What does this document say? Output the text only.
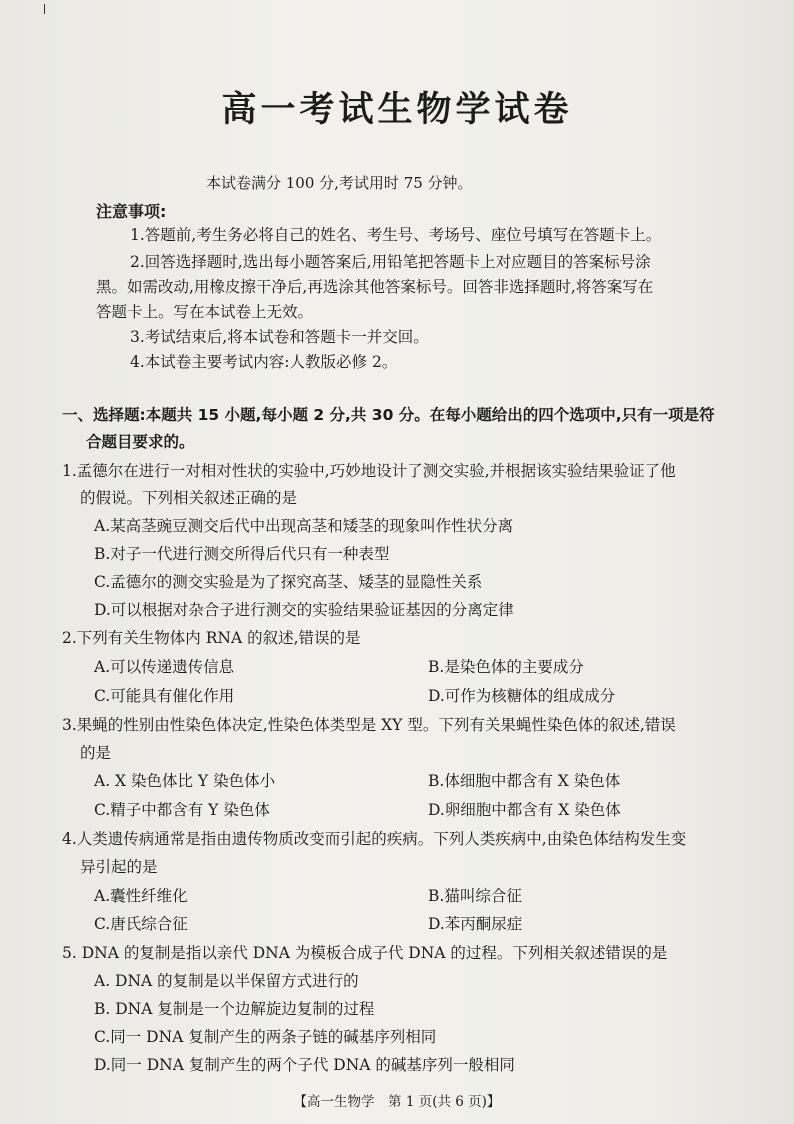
高一考试生物学试卷
本试卷满分 100 分,考试用时 75 分钟。
注意事项:
1.答题前,考生务必将自己的姓名、考生号、考场号、座位号填写在答题卡上。
2.回答选择题时,选出每小题答案后,用铅笔把答题卡上对应题目的答案标号涂
黑。如需改动,用橡皮擦干净后,再选涂其他答案标号。回答非选择题时,将答案写在
答题卡上。写在本试卷上无效。
3.考试结束后,将本试卷和答题卡一并交回。
4.本试卷主要考试内容:人教版必修 2。
一、选择题:本题共 15 小题,每小题 2 分,共 30 分。在每小题给出的四个选项中,只有一项是符
合题目要求的。
1.孟德尔在进行一对相对性状的实验中,巧妙地设计了测交实验,并根据该实验结果验证了他
的假说。下列相关叙述正确的是
A.某高茎豌豆测交后代中出现高茎和矮茎的现象叫作性状分离
B.对子一代进行测交所得后代只有一种表型
C.孟德尔的测交实验是为了探究高茎、矮茎的显隐性关系
D.可以根据对杂合子进行测交的实验结果验证基因的分离定律
2.下列有关生物体内 RNA 的叙述,错误的是
A.可以传递遗传信息	B.是染色体的主要成分
C.可能具有催化作用	D.可作为核糖体的组成成分
3.果蝇的性别由性染色体决定,性染色体类型是 XY 型。下列有关果蝇性染色体的叙述,错误
的是
A. X 染色体比 Y 染色体小	B.体细胞中都含有 X 染色体
C.精子中都含有 Y 染色体	D.卵细胞中都含有 X 染色体
4.人类遗传病通常是指由遗传物质改变而引起的疾病。下列人类疾病中,由染色体结构发生变
异引起的是
A.囊性纤维化	B.猫叫综合征
C.唐氏综合征	D.苯丙酮尿症
5. DNA 的复制是指以亲代 DNA 为模板合成子代 DNA 的过程。下列相关叙述错误的是
A. DNA 的复制是以半保留方式进行的
B. DNA 复制是一个边解旋边复制的过程
C.同一 DNA 复制产生的两条子链的碱基序列相同
D.同一 DNA 复制产生的两个子代 DNA 的碱基序列一般相同
【高一生物学　第 1 页(共 6 页)】
